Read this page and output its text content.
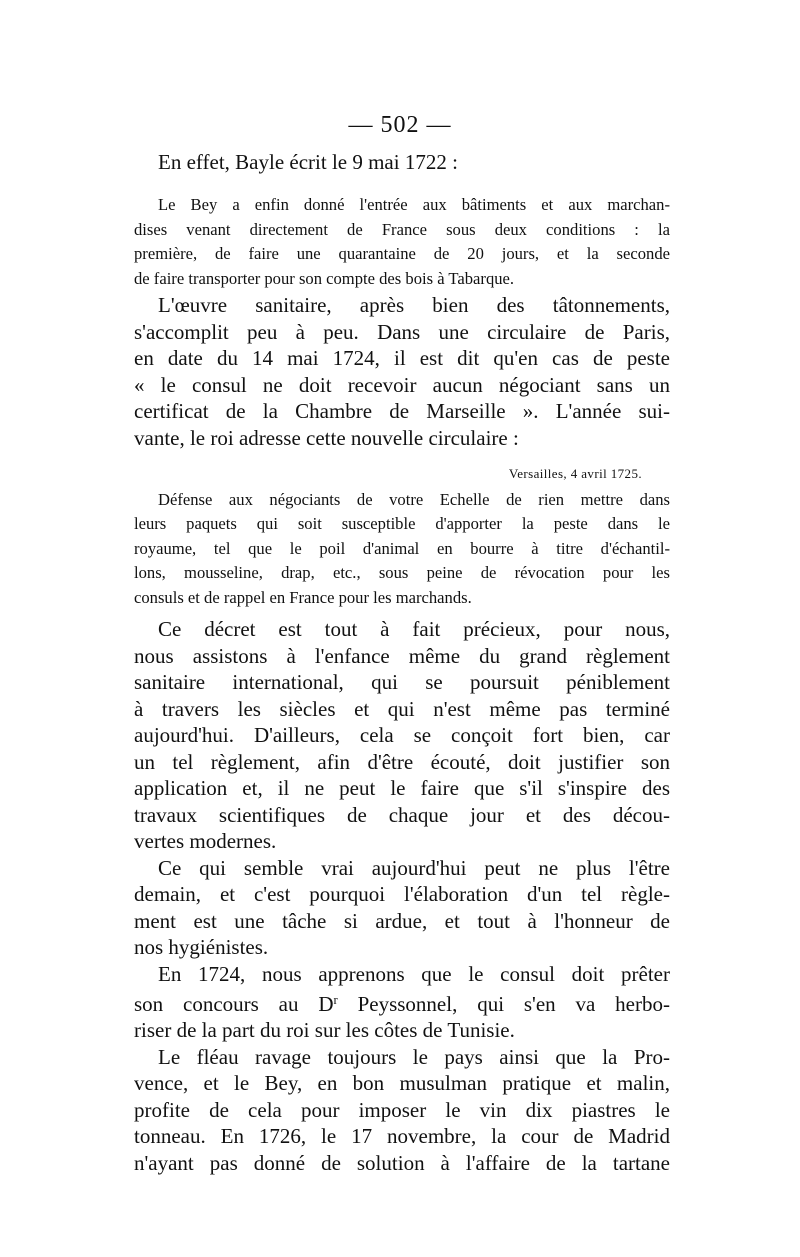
— 502 —
En effet, Bayle écrit le 9 mai 1722 :
Le Bey a enfin donné l'entrée aux bâtiments et aux marchan-
dises venant directement de France sous deux conditions : la
première, de faire une quarantaine de 20 jours, et la seconde
de faire transporter pour son compte des bois à Tabarque.
L'œuvre sanitaire, après bien des tâtonnements,
s'accomplit peu à peu. Dans une circulaire de Paris,
en date du 14 mai 1724, il est dit qu'en cas de peste
« le consul ne doit recevoir aucun négociant sans un
certificat de la Chambre de Marseille ». L'année sui-
vante, le roi adresse cette nouvelle circulaire :
Versailles, 4 avril 1725.
Défense aux négociants de votre Echelle de rien mettre dans
leurs paquets qui soit susceptible d'apporter la peste dans le
royaume, tel que le poil d'animal en bourre à titre d'échantil-
lons, mousseline, drap, etc., sous peine de révocation pour les
consuls et de rappel en France pour les marchands.
Ce décret est tout à fait précieux, pour nous,
nous assistons à l'enfance même du grand règlement
sanitaire international, qui se poursuit péniblement
à travers les siècles et qui n'est même pas terminé
aujourd'hui. D'ailleurs, cela se conçoit fort bien, car
un tel règlement, afin d'être écouté, doit justifier son
application et, il ne peut le faire que s'il s'inspire des
travaux scientifiques de chaque jour et des décou-
vertes modernes.
Ce qui semble vrai aujourd'hui peut ne plus l'être
demain, et c'est pourquoi l'élaboration d'un tel règle-
ment est une tâche si ardue, et tout à l'honneur de
nos hygiénistes.
En 1724, nous apprenons que le consul doit prêter
son concours au $D^r$ Peyssonnel, qui s'en va herbo-
riser de la part du roi sur les côtes de Tunisie.
Le fléau ravage toujours le pays ainsi que la Pro-
vence, et le Bey, en bon musulman pratique et malin,
profite de cela pour imposer le vin dix piastres le
tonneau. En 1726, le 17 novembre, la cour de Madrid
n'ayant pas donné de solution à l'affaire de la tartane
